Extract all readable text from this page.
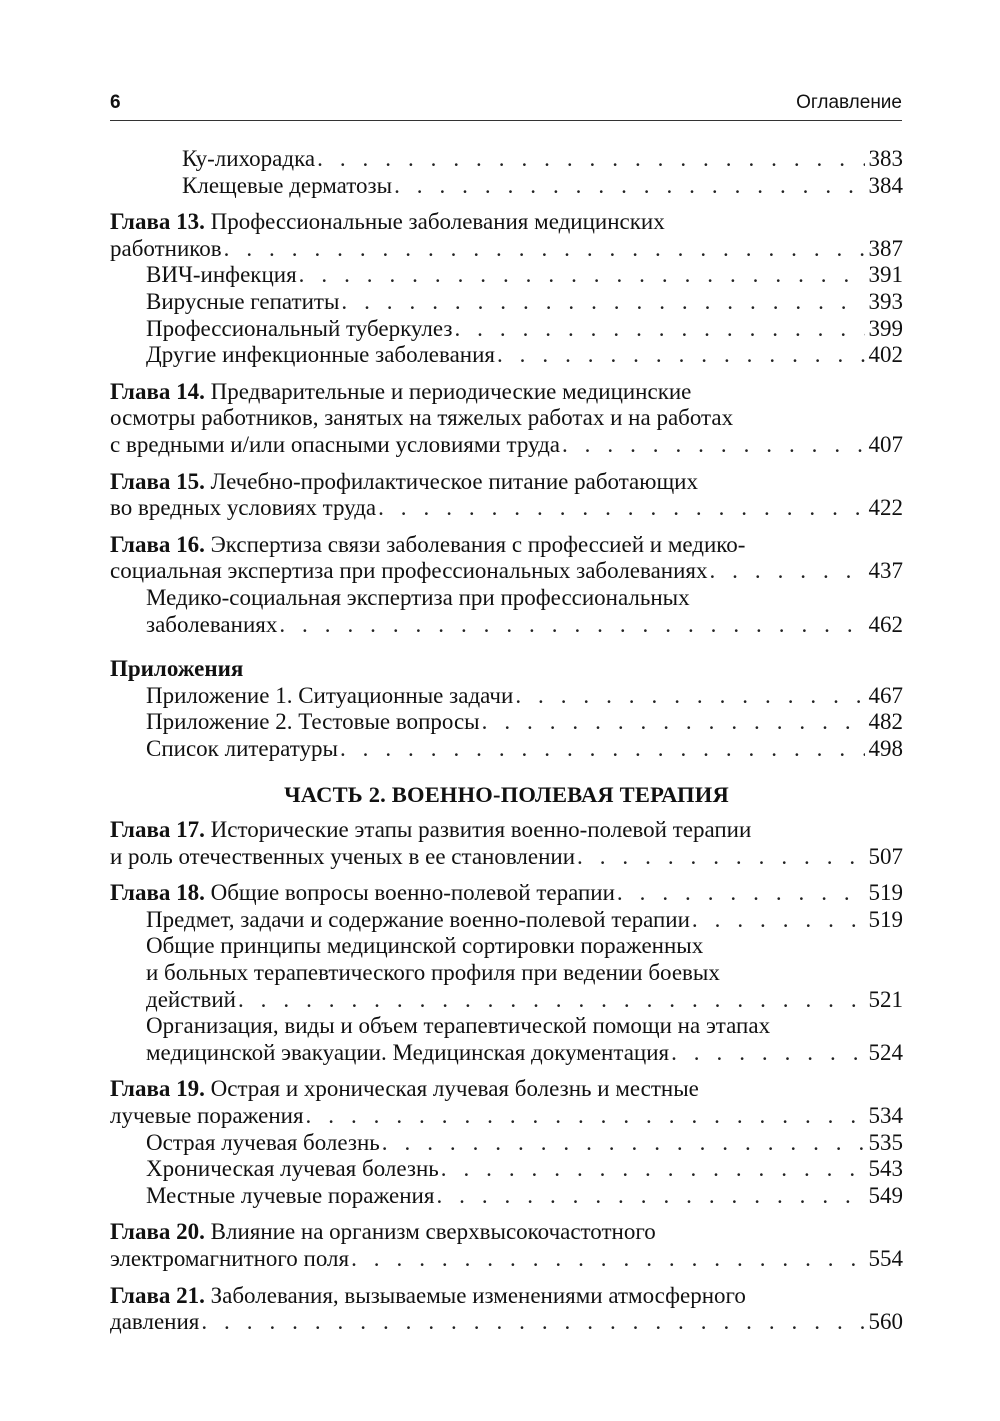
6	Оглавление
Ку-лихорадка . . .	383
Клещевые дерматозы . . .	384
Глава 13. Профессиональные заболевания медицинских
работников . . .	387
ВИЧ-инфекция . . .	391
Вирусные гепатиты . . .	393
Профессиональный туберкулез . . .	399
Другие инфекционные заболевания . . .	402
Глава 14. Предварительные и периодические медицинские
осмотры работников, занятых на тяжелых работах и на работах
с вредными и/или опасными условиями труда . . .	407
Глава 15. Лечебно-профилактическое питание работающих
во вредных условиях труда . . .	422
Глава 16. Экспертиза связи заболевания с профессией и медико-
социальная экспертиза при профессиональных заболеваниях . . .	437
Медико-социальная экспертиза при профессиональных
заболеваниях . . .	462
Приложения
Приложение 1. Ситуационные задачи . . .	467
Приложение 2. Тестовые вопросы . . .	482
Список литературы . . .	498
ЧАСТЬ 2. ВОЕННО-ПОЛЕВАЯ ТЕРАПИЯ
Глава 17. Исторические этапы развития военно-полевой терапии
и роль отечественных ученых в ее становлении . . .	507
Глава 18. Общие вопросы военно-полевой терапии . . .	519
Предмет, задачи и содержание военно-полевой терапии . . .	519
Общие принципы медицинской сортировки пораженных
и больных терапевтического профиля при ведении боевых
действий . . .	521
Организация, виды и объем терапевтической помощи на этапах
медицинской эвакуации. Медицинская документация . . .	524
Глава 19. Острая и хроническая лучевая болезнь и местные
лучевые поражения . . .	534
Острая лучевая болезнь . . .	535
Хроническая лучевая болезнь . . .	543
Местные лучевые поражения . . .	549
Глава 20. Влияние на организм сверхвысокочастотного
электромагнитного поля . . .	554
Глава 21. Заболевания, вызываемые изменениями атмосферного
давления . . .	560
